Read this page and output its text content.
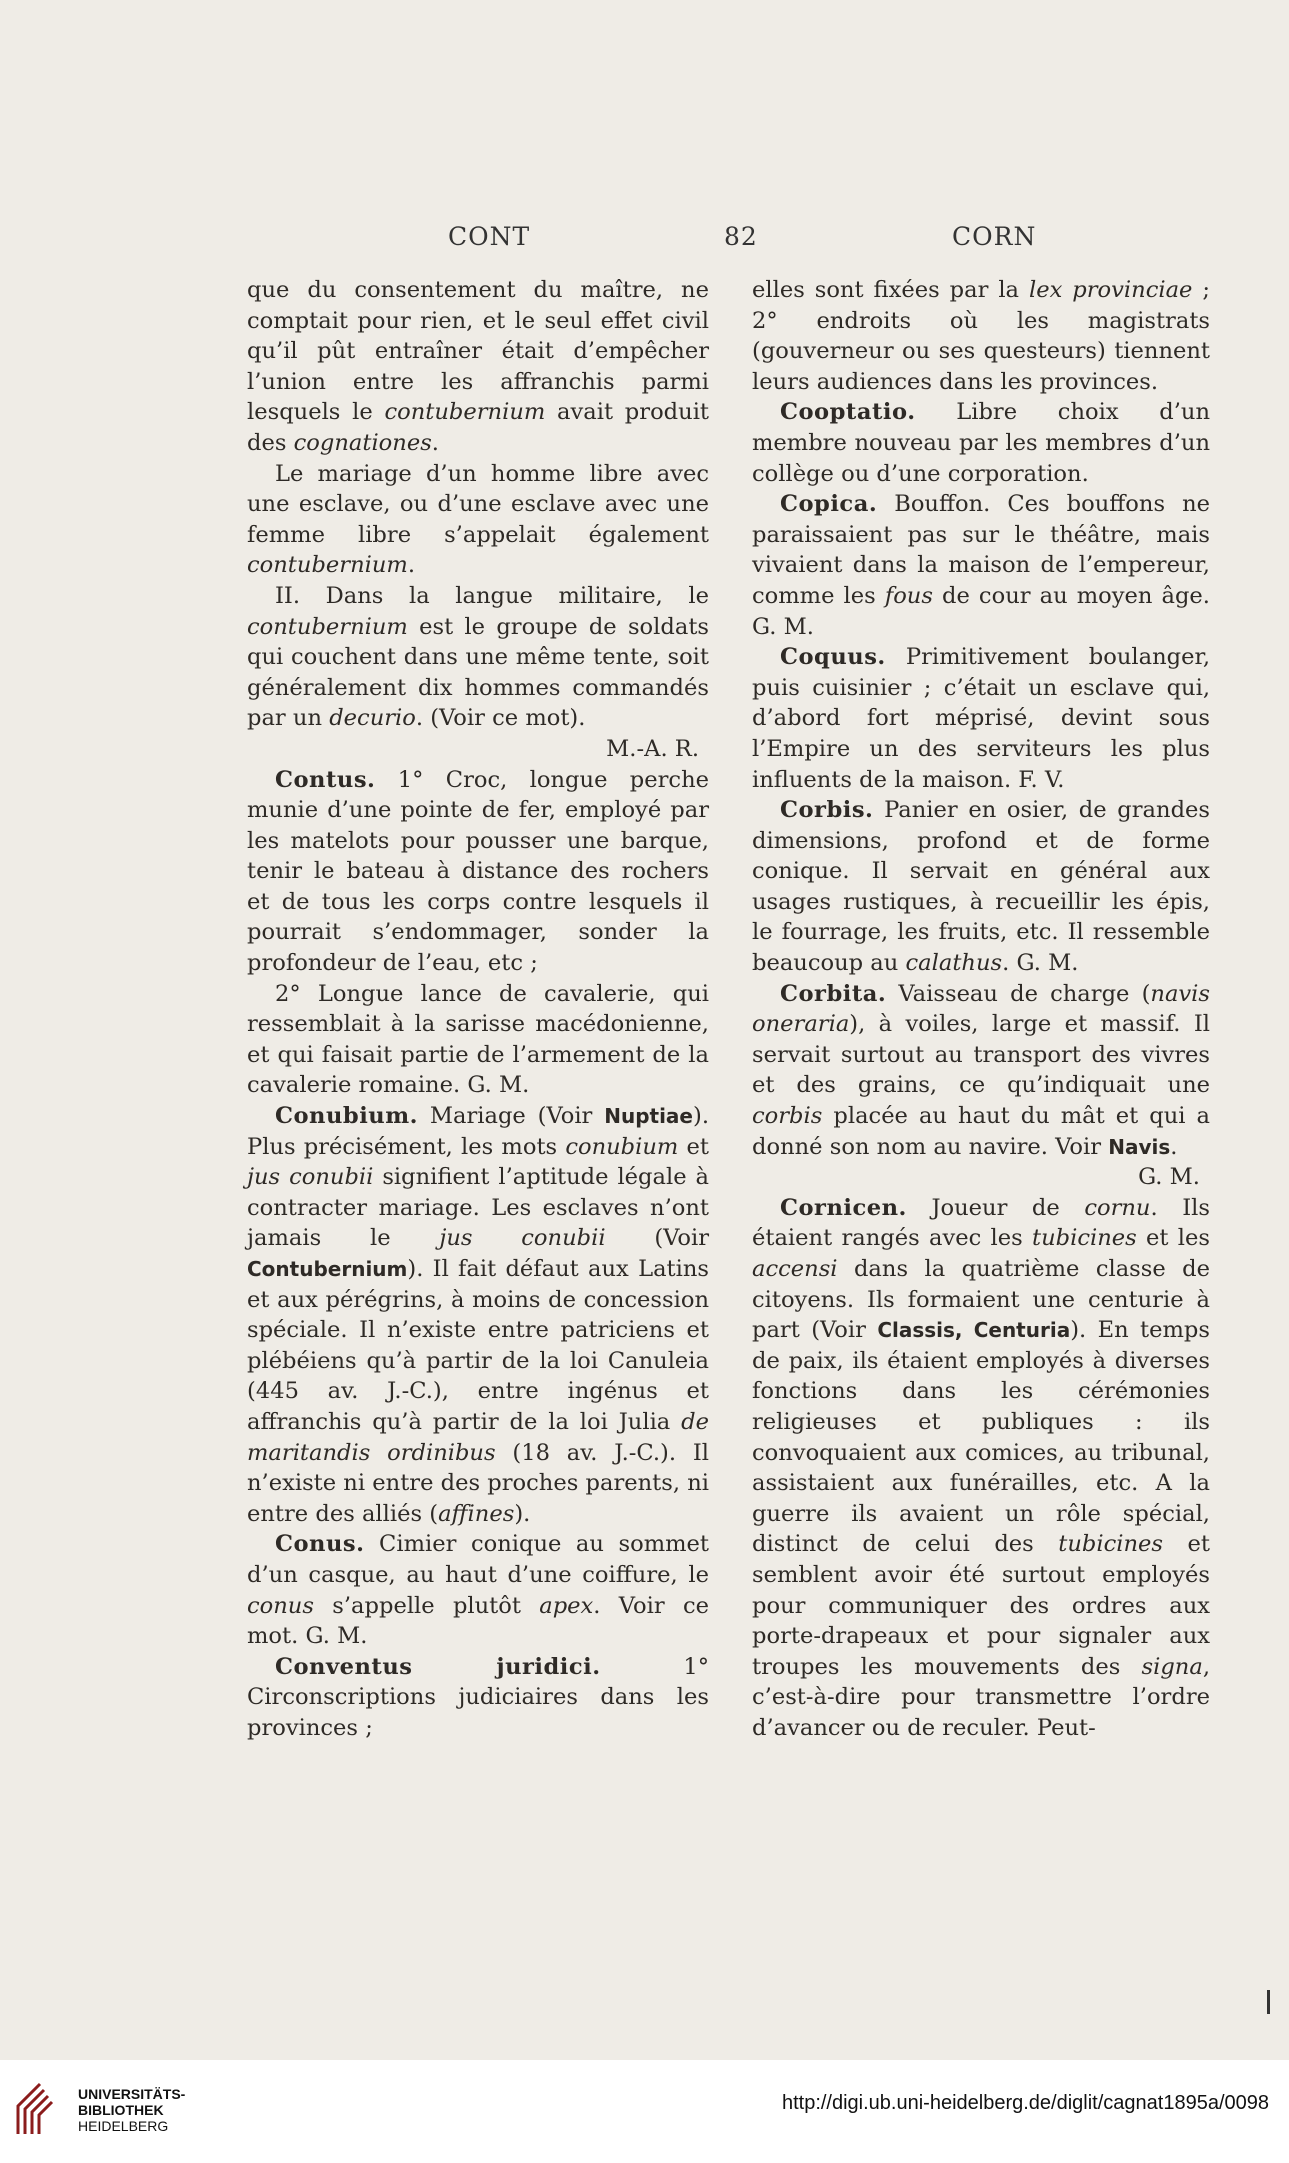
CONT	82	CORN

que du consentement du maître, ne comptait pour rien, et le seul effet civil qu’il pût entraîner était d’empêcher l’union entre les affranchis parmi lesquels le contubernium avait produit des cognationes.

Le mariage d’un homme libre avec une esclave, ou d’une esclave avec une femme libre s’appelait également contubernium.

II. Dans la langue militaire, le contubernium est le groupe de soldats qui couchent dans une même tente, soit généralement dix hommes commandés par un decurio. (Voir ce mot).

M.-A. R.

Contus. 1° Croc, longue perche munie d’une pointe de fer, employé par les matelots pour pousser une barque, tenir le bateau à distance des rochers et de tous les corps contre lesquels il pourrait s’endommager, sonder la profondeur de l’eau, etc ;

2° Longue lance de cavalerie, qui ressemblait à la sarisse macédonienne, et qui faisait partie de l’armement de la cavalerie romaine. G. M.

Conubium. Mariage (Voir Nuptiae). Plus précisément, les mots conubium et jus conubii signifient l’aptitude légale à contracter mariage. Les esclaves n’ont jamais le jus conubii (Voir Contubernium). Il fait défaut aux Latins et aux pérégrins, à moins de concession spéciale. Il n’existe entre patriciens et plébéiens qu’à partir de la loi Canuleia (445 av. J.-C.), entre ingénus et affranchis qu’à partir de la loi Julia de maritandis ordinibus (18 av. J.-C.). Il n’existe ni entre des proches parents, ni entre des alliés (affines).

Conus. Cimier conique au sommet d’un casque, au haut d’une coiffure, le conus s’appelle plutôt apex. Voir ce mot. G. M.

Conventus juridici. 1° Circonscriptions judiciaires dans les provinces ;

elles sont fixées par la lex provinciae ; 2° endroits où les magistrats (gouverneur ou ses questeurs) tiennent leurs audiences dans les provinces.

Cooptatio. Libre choix d’un membre nouveau par les membres d’un collège ou d’une corporation.

Copica. Bouffon. Ces bouffons ne paraissaient pas sur le théâtre, mais vivaient dans la maison de l’empereur, comme les fous de cour au moyen âge. G. M.

Coquus. Primitivement boulanger, puis cuisinier ; c’était un esclave qui, d’abord fort méprisé, devint sous l’Empire un des serviteurs les plus influents de la maison. F. V.

Corbis. Panier en osier, de grandes dimensions, profond et de forme conique. Il servait en général aux usages rustiques, à recueillir les épis, le fourrage, les fruits, etc. Il ressemble beaucoup au calathus. G. M.

Corbita. Vaisseau de charge (navis oneraria), à voiles, large et massif. Il servait surtout au transport des vivres et des grains, ce qu’indiquait une corbis placée au haut du mât et qui a donné son nom au navire. Voir Navis.

G. M.

Cornicen. Joueur de cornu. Ils étaient rangés avec les tubicines et les accensi dans la quatrième classe de citoyens. Ils formaient une centurie à part (Voir Classis, Centuria). En temps de paix, ils étaient employés à diverses fonctions dans les cérémonies religieuses et publiques : ils convoquaient aux comices, au tribunal, assistaient aux funérailles, etc. A la guerre ils avaient un rôle spécial, distinct de celui des tubicines et semblent avoir été surtout employés pour communiquer des ordres aux porte-drapeaux et pour signaler aux troupes les mouvements des signa, c’est-à-dire pour transmettre l’ordre d’avancer ou de reculer. Peut-

UNIVERSITÄTS-
BIBLIOTHEK
HEIDELBERG
http://digi.ub.uni-heidelberg.de/diglit/cagnat1895a/0098
